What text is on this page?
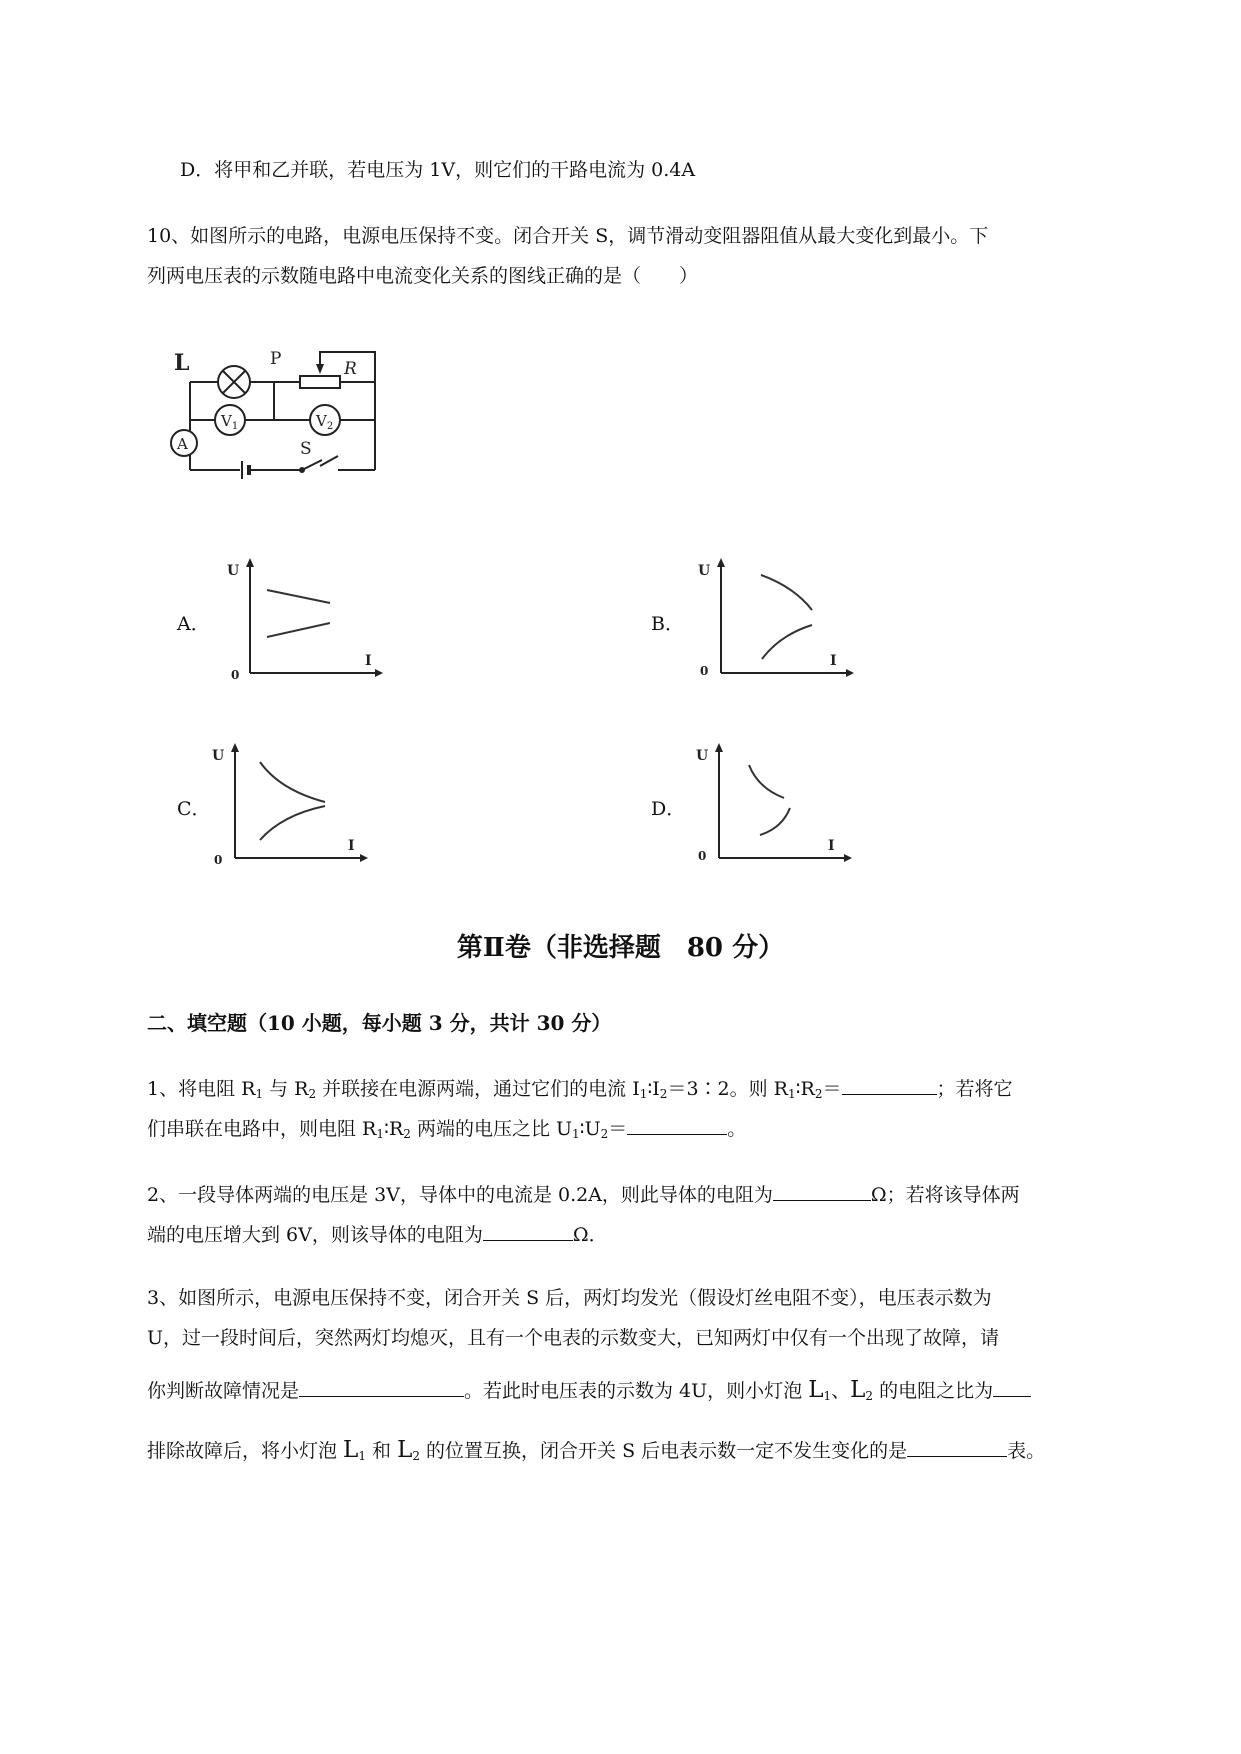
D．将甲和乙并联，若电压为 1V，则它们的干路电流为 0.4A
10、如图所示的电路，电源电压保持不变。闭合开关 S，调节滑动变阻器阻值从最大变化到最小。下
列两电压表的示数随电路中电流变化关系的图线正确的是（　　）
L	P	R
$V_1$	$V_2$
A	S
A．
U
I
0
B．
U
I
0
C．
U
I
0
D．
U
I
0
第Ⅱ卷（非选择题　80 分）
二、填空题（10 小题，每小题 3 分，共计 30 分）
1、将电阻 $R_1$ 与 $R_2$ 并联接在电源两端，通过它们的电流 $I_1∶I_2=3∶2$。则 $R_1∶R_2=$	；若将它
们串联在电路中，则电阻 $R_1∶R_2$ 两端的电压之比 $U_1∶U_2=$	。
2、一段导体两端的电压是 3V，导体中的电流是 0.2A，则此导体的电阻为	Ω；若将该导体两
端的电压增大到 6V，则该导体的电阻为	Ω．
3、如图所示，电源电压保持不变，闭合开关 S 后，两灯均发光（假设灯丝电阻不变），电压表示数为
U，过一段时间后，突然两灯均熄灭，且有一个电表的示数变大，已知两灯中仅有一个出现了故障，请
你判断故障情况是	。若此时电压表的示数为 4U，则小灯泡 $L_1$、$L_2$ 的电阻之比为
排除故障后，将小灯泡 $L_1$ 和 $L_2$ 的位置互换，闭合开关 S 后电表示数一定不发生变化的是	表。
